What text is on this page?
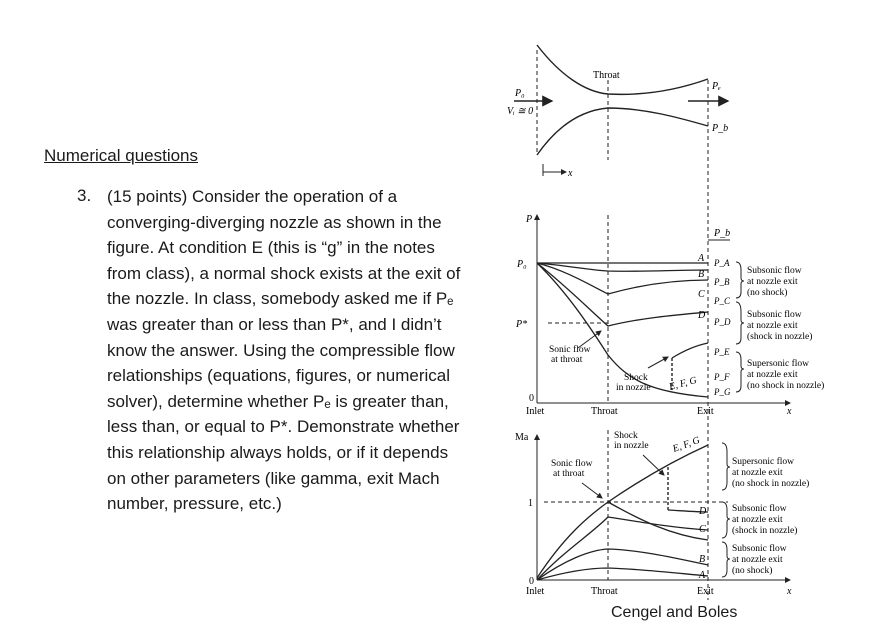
Numerical questions
3. (15 points) Consider the operation of a
converging-diverging nozzle as shown in the
figure. At condition E (this is “g” in the notes
from class), a normal shock exists at the exit of
the nozzle. In class, somebody asked me if Pₑ
was greater than or less than P*, and I didn’t
know the answer. Using the compressible flow
relationships (equations, figures, or numerical
solver), determine whether Pₑ is greater than,
less than, or equal to P*. Demonstrate whether
this relationship always holds, or if it depends
on other parameters (like gamma, exit Mach
number, pressure, etc.)
Throat
P₀
Vᵢ ≅ 0
Pₑ
P_b
x
P
P₀
P*
0
P_b
A
B
C
D
E, F, G
P_A
P_B
P_C
P_D
P_E
P_F
P_G
Sonic flow
at throat
Shock
in nozzle
Subsonic flow
at nozzle exit
(no shock)
Subsonic flow
at nozzle exit
(shock in nozzle)
Supersonic flow
at nozzle exit
(no shock in nozzle)
Inlet	Throat	Exit	x
Ma
1
0
Shock
in nozzle E, F, G
Sonic flow
at throat
D
C
B
A
Supersonic flow
at nozzle exit
(no shock in nozzle)
Subsonic flow
at nozzle exit
(shock in nozzle)
Subsonic flow
at nozzle exit
(no shock)
Inlet	Throat	Exit	x
Cengel and Boles
